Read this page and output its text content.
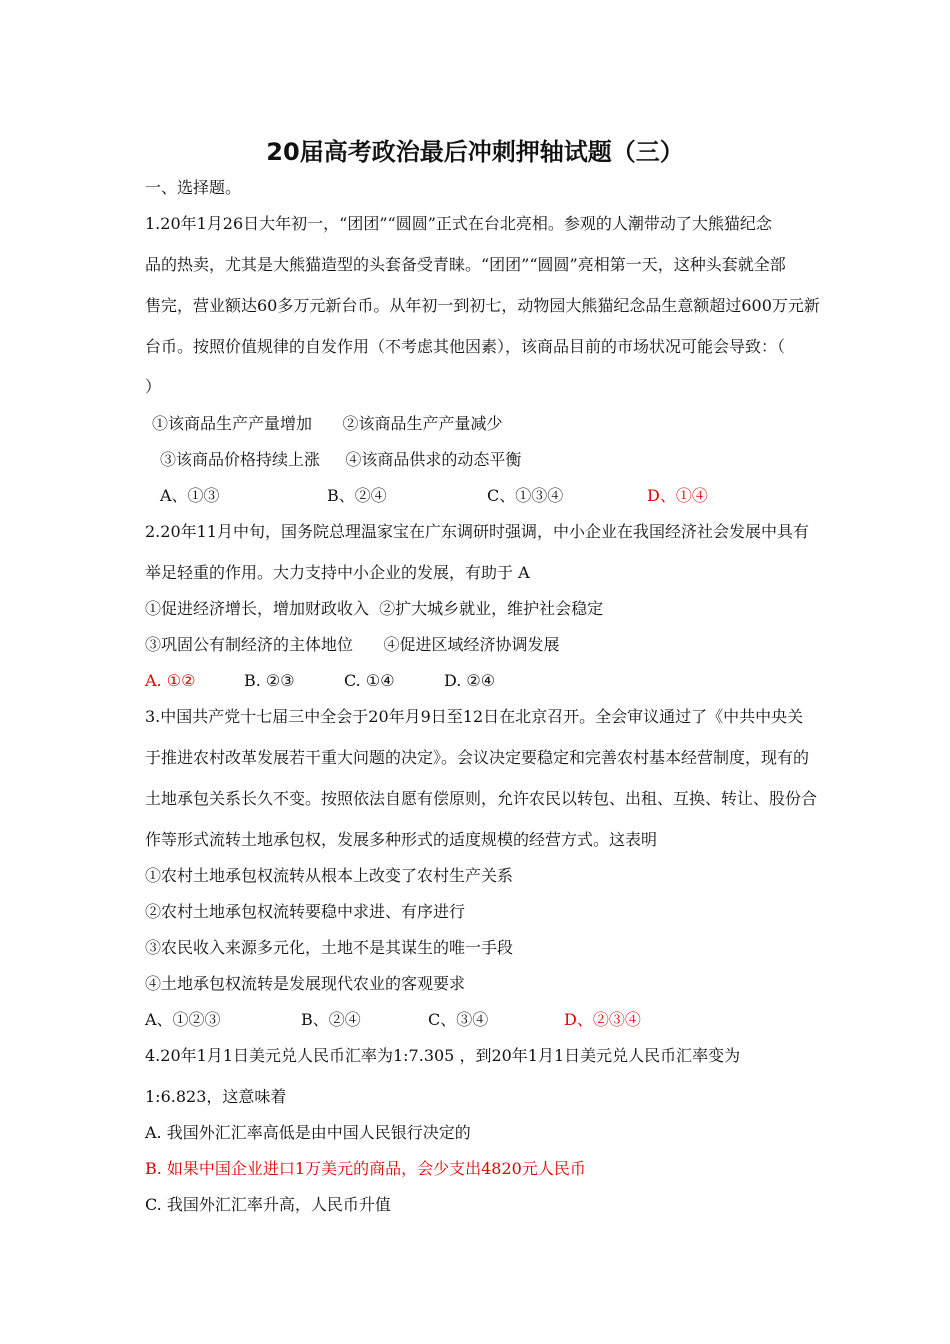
20届高考政治最后冲刺押轴试题（三）
一、选择题。
1.20年1月26日大年初一，“团团”“圆圆”正式在台北亮相。参观的人潮带动了大熊猫纪念
品的热卖，尤其是大熊猫造型的头套备受青睐。“团团”“圆圆”亮相第一天，这种头套就全部
售完，营业额达60多万元新台币。从年初一到初七，动物园大熊猫纪念品生意额超过600万元新
台币。按照价值规律的自发作用（不考虑其他因素），该商品目前的市场状况可能会导致：（
）
①该商品生产产量增加      ②该商品生产产量减少
③该商品价格持续上涨     ④该商品供求的动态平衡
A、①③	B、②④	C、①③④	D、①④
2.20年11月中旬，国务院总理温家宝在广东调研时强调，中小企业在我国经济社会发展中具有
举足轻重的作用。大力支持中小企业的发展，有助于 A
①促进经济增长，增加财政收入  ②扩大城乡就业，维护社会稳定
③巩固公有制经济的主体地位      ④促进区域经济协调发展
A. ①②	B. ②③	C. ①④	D. ②④
3.中国共产党十七届三中全会于20年月9日至12日在北京召开。全会审议通过了《中共中央关
于推进农村改革发展若干重大问题的决定》。会议决定要稳定和完善农村基本经营制度，现有的
土地承包关系长久不变。按照依法自愿有偿原则，允许农民以转包、出租、互换、转让、股份合
作等形式流转土地承包权，发展多种形式的适度规模的经营方式。这表明
①农村土地承包权流转从根本上改变了农村生产关系
②农村土地承包权流转要稳中求进、有序进行
③农民收入来源多元化，土地不是其谋生的唯一手段
④土地承包权流转是发展现代农业的客观要求
A、①②③	B、②④	C、③④	D、②③④
4.20年1月1日美元兑人民币汇率为1:7.305 ，到20年1月1日美元兑人民币汇率变为
1:6.823，这意味着
A. 我国外汇汇率高低是由中国人民银行决定的
B. 如果中国企业进口1万美元的商品，会少支出4820元人民币
C. 我国外汇汇率升高，人民币升值
